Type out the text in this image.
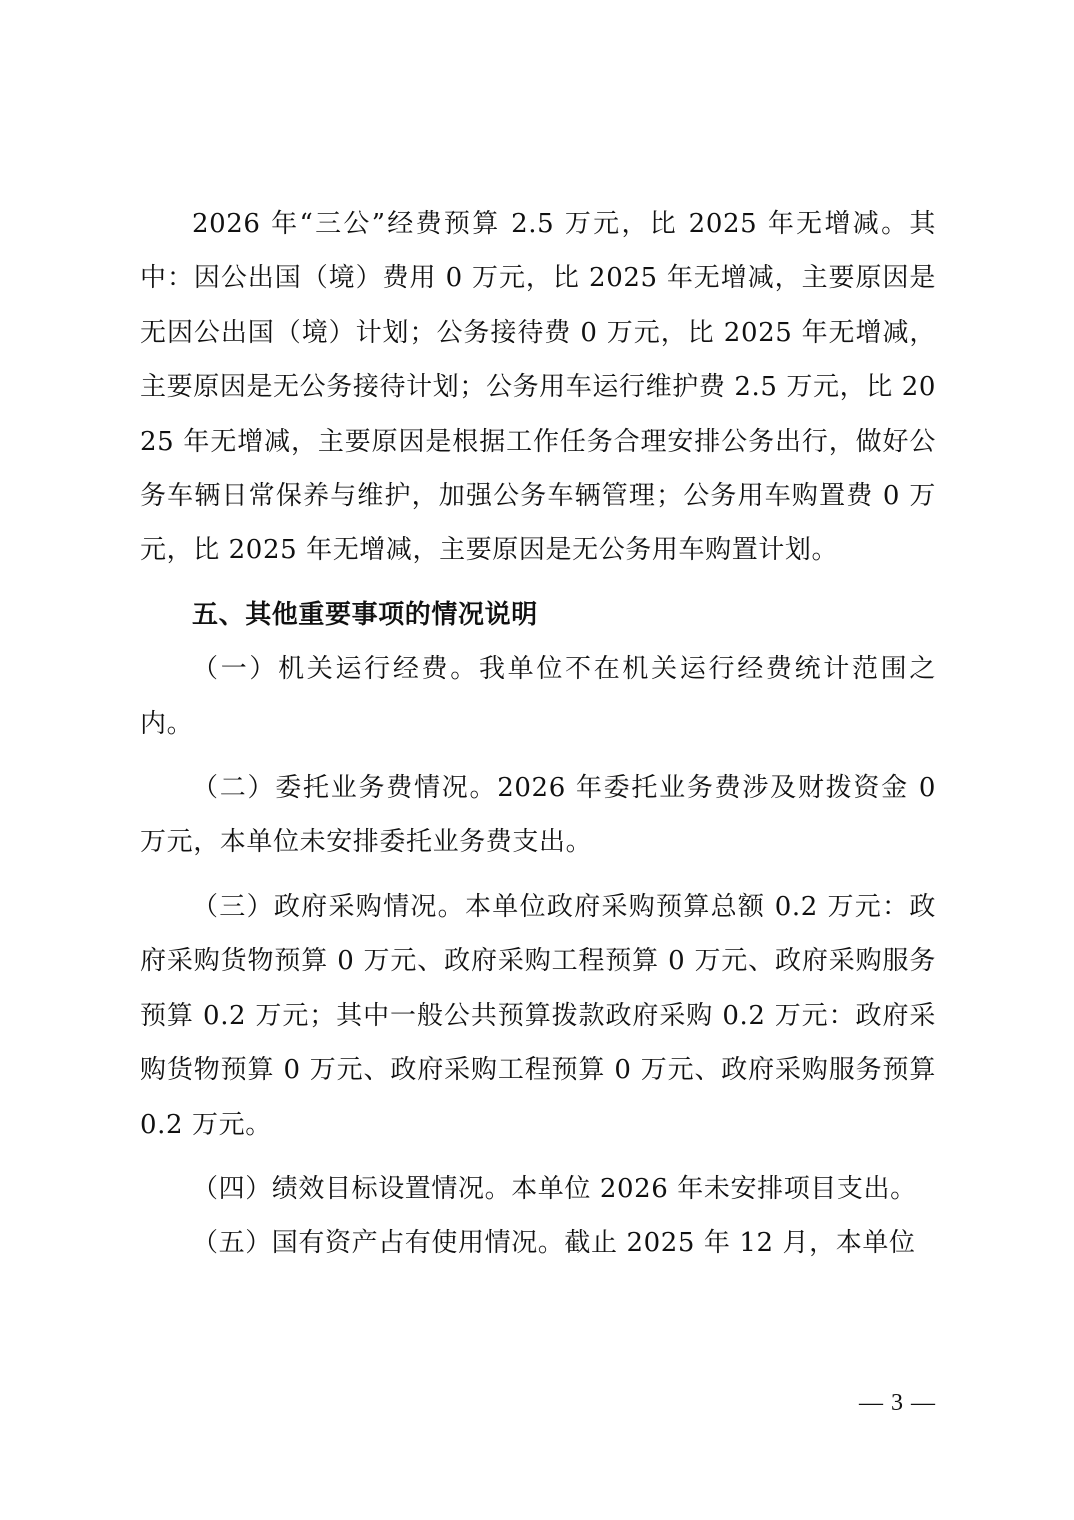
2026 年“三公”经费预算 2.5 万元，比 2025 年无增减。其中：因公出国（境）费用 0 万元，比 2025 年无增减，主要原因是无因公出国（境）计划；公务接待费 0 万元，比 2025 年无增减，主要原因是无公务接待计划；公务用车运行维护费 2.5 万元，比 2025 年无增减，主要原因是根据工作任务合理安排公务出行，做好公务车辆日常保养与维护，加强公务车辆管理；公务用车购置费 0 万元，比 2025 年无增减，主要原因是无公务用车购置计划。

五、其他重要事项的情况说明

（一）机关运行经费。我单位不在机关运行经费统计范围之内。

（二）委托业务费情况。2026 年委托业务费涉及财拨资金 0 万元，本单位未安排委托业务费支出。

（三）政府采购情况。本单位政府采购预算总额 0.2 万元：政府采购货物预算 0 万元、政府采购工程预算 0 万元、政府采购服务预算 0.2 万元；其中一般公共预算拨款政府采购 0.2 万元：政府采购货物预算 0 万元、政府采购工程预算 0 万元、政府采购服务预算 0.2 万元。

（四）绩效目标设置情况。本单位 2026 年未安排项目支出。

（五）国有资产占有使用情况。截止 2025 年 12 月，本单位

— 3 —
